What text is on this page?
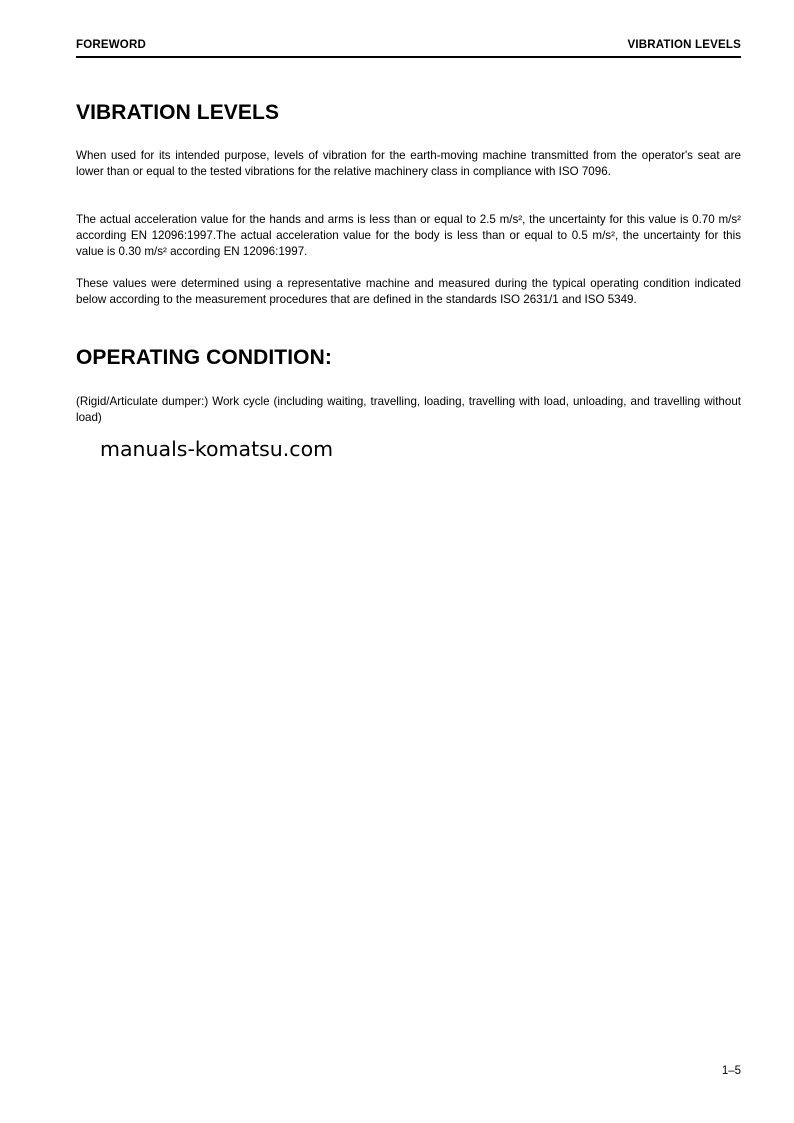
FOREWORD	VIBRATION LEVELS
VIBRATION LEVELS

When used for its intended purpose, levels of vibration for the earth-moving machine transmitted from the operator's seat are lower than or equal to the tested vibrations for the relative machinery class in compliance with ISO 7096.

The actual acceleration value for the hands and arms is less than or equal to 2.5 m/s², the uncertainty for this value is 0.70 m/s² according EN 12096:1997.The actual acceleration value for the body is less than or equal to 0.5 m/s², the uncertainty for this value is 0.30 m/s² according EN 12096:1997.

These values were determined using a representative machine and measured during the typical operating condition indicated below according to the measurement procedures that are defined in the standards ISO 2631/1 and ISO 5349.

OPERATING CONDITION:

(Rigid/Articulate dumper:) Work cycle (including waiting, travelling, loading, travelling with load, unloading, and travelling without load)

manuals-komatsu.com
1–5
